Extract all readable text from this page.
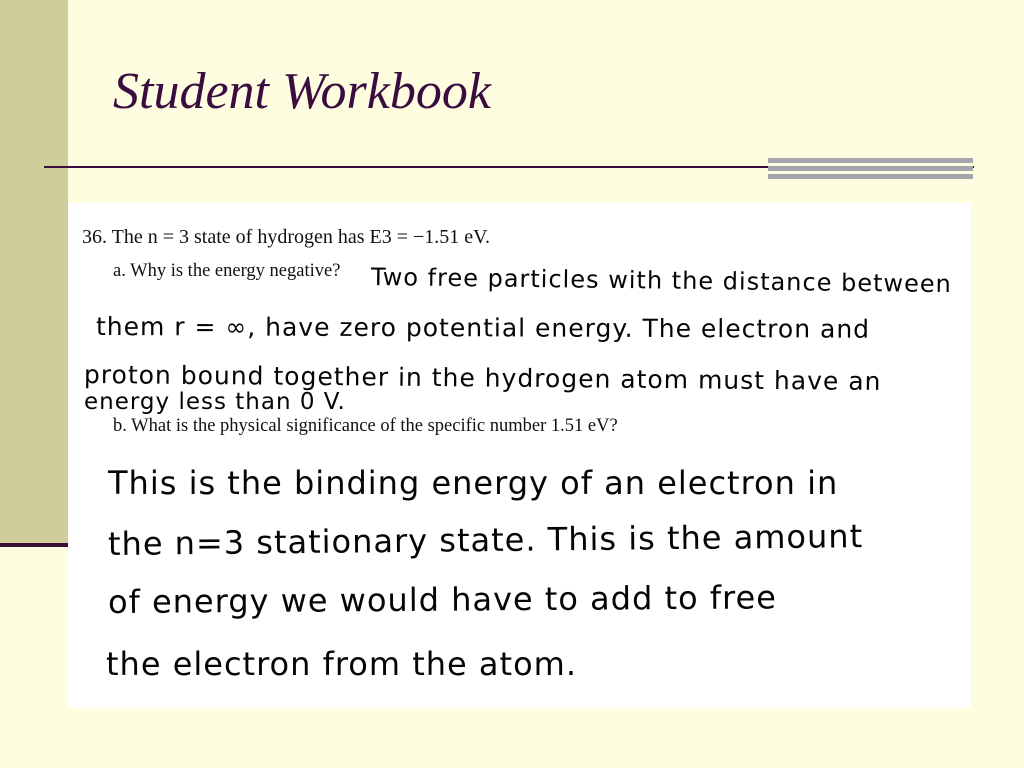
Student Workbook
36. The n = 3 state of hydrogen has E3 = −1.51 eV.
a. Why is the energy negative? Two free particles with the distance between
them r = ∞, have zero potential energy. The electron and
proton bound together in the hydrogen atom must have an
energy less than 0 V.
b. What is the physical significance of the specific number 1.51 eV?
This is the binding energy of an electron in
the n=3 stationary state. This is the amount
of energy we would have to add to free
the electron from the atom.
